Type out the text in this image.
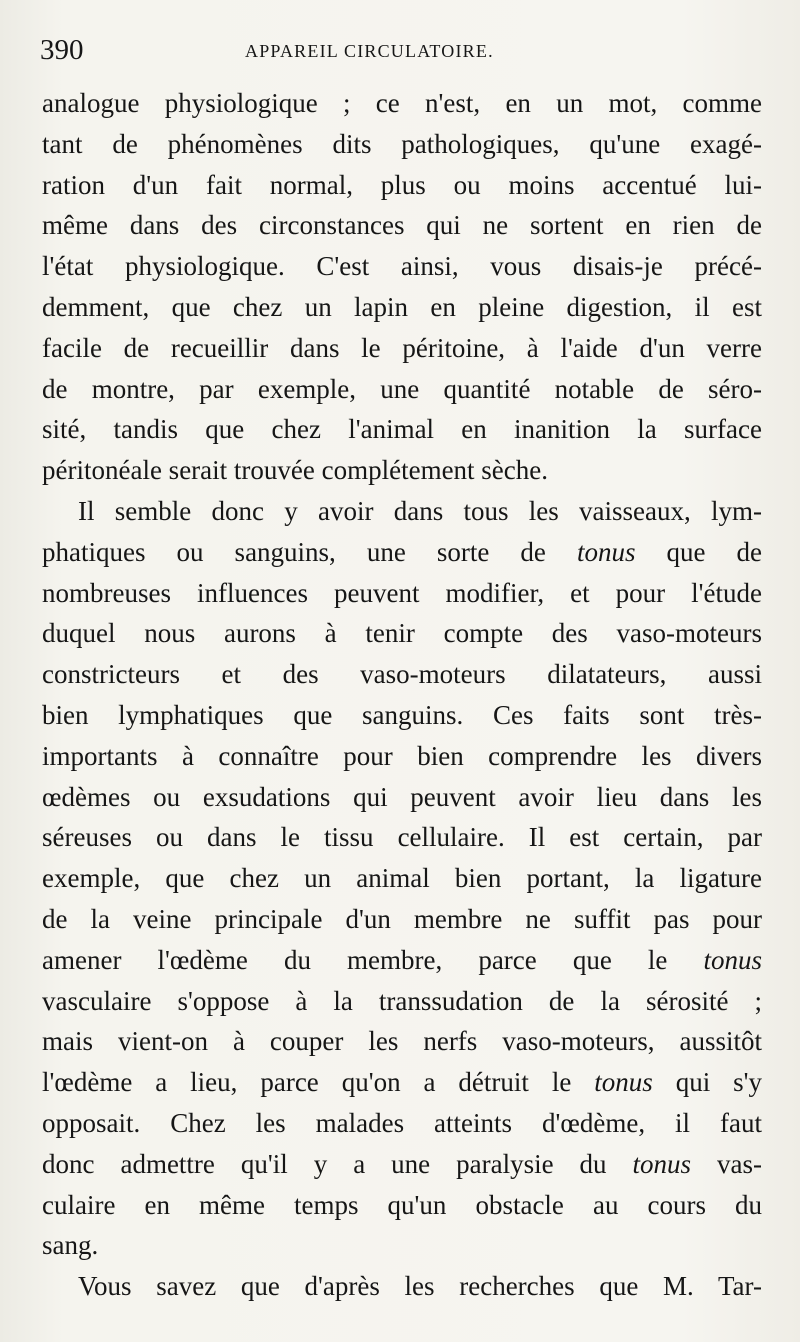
390	APPAREIL CIRCULATOIRE.
analogue physiologique ; ce n'est, en un mot, comme
tant de phénomènes dits pathologiques, qu'une exagé-
ration d'un fait normal, plus ou moins accentué lui-
même dans des circonstances qui ne sortent en rien de
l'état physiologique. C'est ainsi, vous disais-je précé-
demment, que chez un lapin en pleine digestion, il est
facile de recueillir dans le péritoine, à l'aide d'un verre
de montre, par exemple, une quantité notable de séro-
sité, tandis que chez l'animal en inanition la surface
péritonéale serait trouvée complétement sèche.
Il semble donc y avoir dans tous les vaisseaux, lym-
phatiques ou sanguins, une sorte de tonus que de
nombreuses influences peuvent modifier, et pour l'étude
duquel nous aurons à tenir compte des vaso-moteurs
constricteurs et des vaso-moteurs dilatateurs, aussi
bien lymphatiques que sanguins. Ces faits sont très-
importants à connaître pour bien comprendre les divers
œdèmes ou exsudations qui peuvent avoir lieu dans les
séreuses ou dans le tissu cellulaire. Il est certain, par
exemple, que chez un animal bien portant, la ligature
de la veine principale d'un membre ne suffit pas pour
amener l'œdème du membre, parce que le tonus
vasculaire s'oppose à la transsudation de la sérosité ;
mais vient-on à couper les nerfs vaso-moteurs, aussitôt
l'œdème a lieu, parce qu'on a détruit le tonus qui s'y
opposait. Chez les malades atteints d'œdème, il faut
donc admettre qu'il y a une paralysie du tonus vas-
culaire en même temps qu'un obstacle au cours du
sang.
Vous savez que d'après les recherches que M. Tar-
